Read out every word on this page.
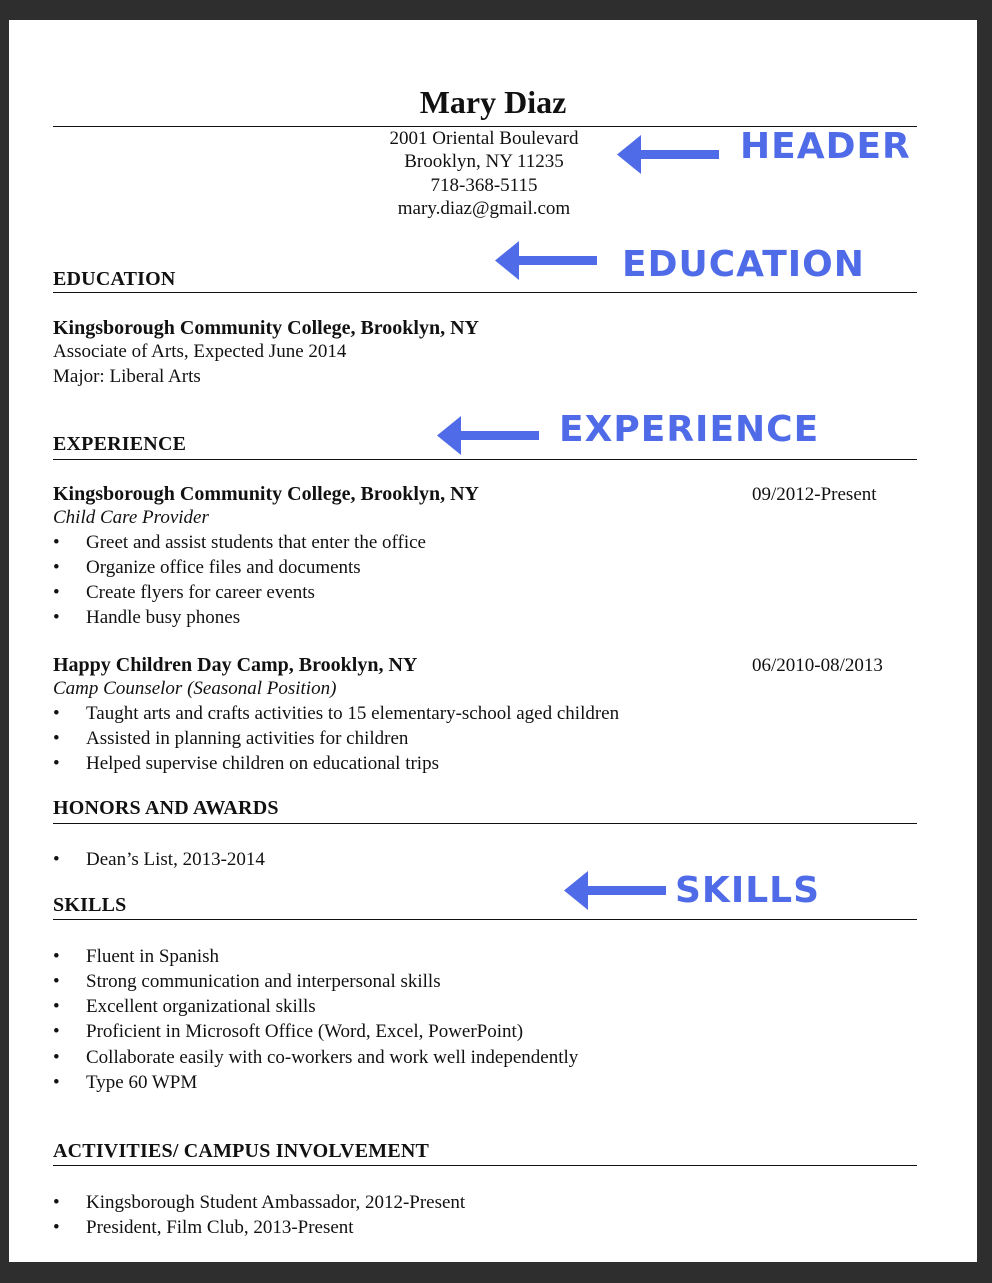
Mary Diaz
2001 Oriental Boulevard
Brooklyn, NY 11235
718-368-5115
mary.diaz@gmail.com
EDUCATION
Kingsborough Community College, Brooklyn, NY
Associate of Arts, Expected June 2014
Major: Liberal Arts
EXPERIENCE
Kingsborough Community College, Brooklyn, NY	09/2012-Present
Child Care Provider
• Greet and assist students that enter the office
• Organize office files and documents
• Create flyers for career events
• Handle busy phones
Happy Children Day Camp, Brooklyn, NY	06/2010-08/2013
Camp Counselor (Seasonal Position)
• Taught arts and crafts activities to 15 elementary-school aged children
• Assisted in planning activities for children
• Helped supervise children on educational trips
HONORS AND AWARDS
• Dean’s List, 2013-2014
SKILLS
• Fluent in Spanish
• Strong communication and interpersonal skills
• Excellent organizational skills
• Proficient in Microsoft Office (Word, Excel, PowerPoint)
• Collaborate easily with co-workers and work well independently
• Type 60 WPM
ACTIVITIES/ CAMPUS INVOLVEMENT
• Kingsborough Student Ambassador, 2012-Present
• President, Film Club, 2013-Present
HEADER
EDUCATION
EXPERIENCE
SKILLS
